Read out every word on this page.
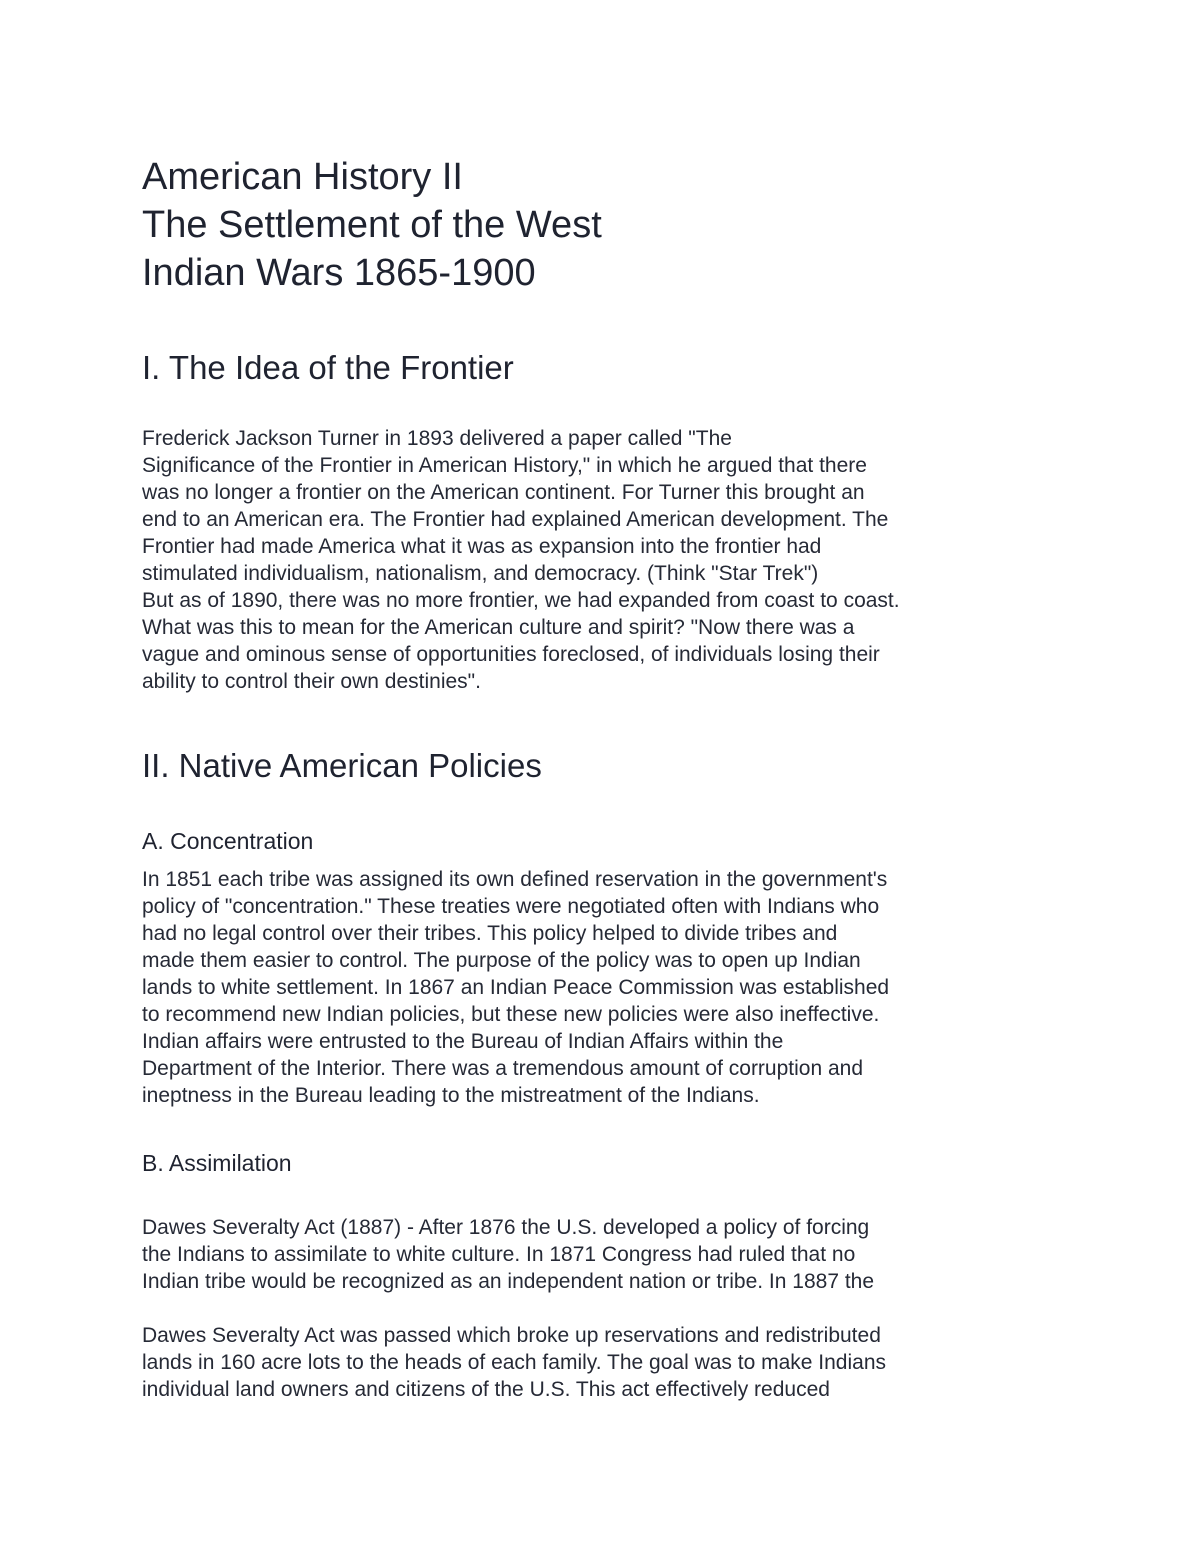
American History II
The Settlement of the West
Indian Wars 1865-1900
I. The Idea of the Frontier
Frederick Jackson Turner in 1893 delivered a paper called "The
Significance of the Frontier in American History," in which he argued that there
was no longer a frontier on the American continent. For Turner this brought an
end to an American era. The Frontier had explained American development. The
Frontier had made America what it was as expansion into the frontier had
stimulated individualism, nationalism, and democracy. (Think "Star Trek")
But as of 1890, there was no more frontier, we had expanded from coast to coast.
What was this to mean for the American culture and spirit? "Now there was a
vague and ominous sense of opportunities foreclosed, of individuals losing their
ability to control their own destinies".
II. Native American Policies
A. Concentration
In 1851 each tribe was assigned its own defined reservation in the government's
policy of "concentration." These treaties were negotiated often with Indians who
had no legal control over their tribes. This policy helped to divide tribes and
made them easier to control. The purpose of the policy was to open up Indian
lands to white settlement. In 1867 an Indian Peace Commission was established
to recommend new Indian policies, but these new policies were also ineffective.
Indian affairs were entrusted to the Bureau of Indian Affairs within the
Department of the Interior. There was a tremendous amount of corruption and
ineptness in the Bureau leading to the mistreatment of the Indians.
B. Assimilation
Dawes Severalty Act (1887) - After 1876 the U.S. developed a policy of forcing
the Indians to assimilate to white culture. In 1871 Congress had ruled that no
Indian tribe would be recognized as an independent nation or tribe. In 1887 the
Dawes Severalty Act was passed which broke up reservations and redistributed
lands in 160 acre lots to the heads of each family. The goal was to make Indians
individual land owners and citizens of the U.S. This act effectively reduced
